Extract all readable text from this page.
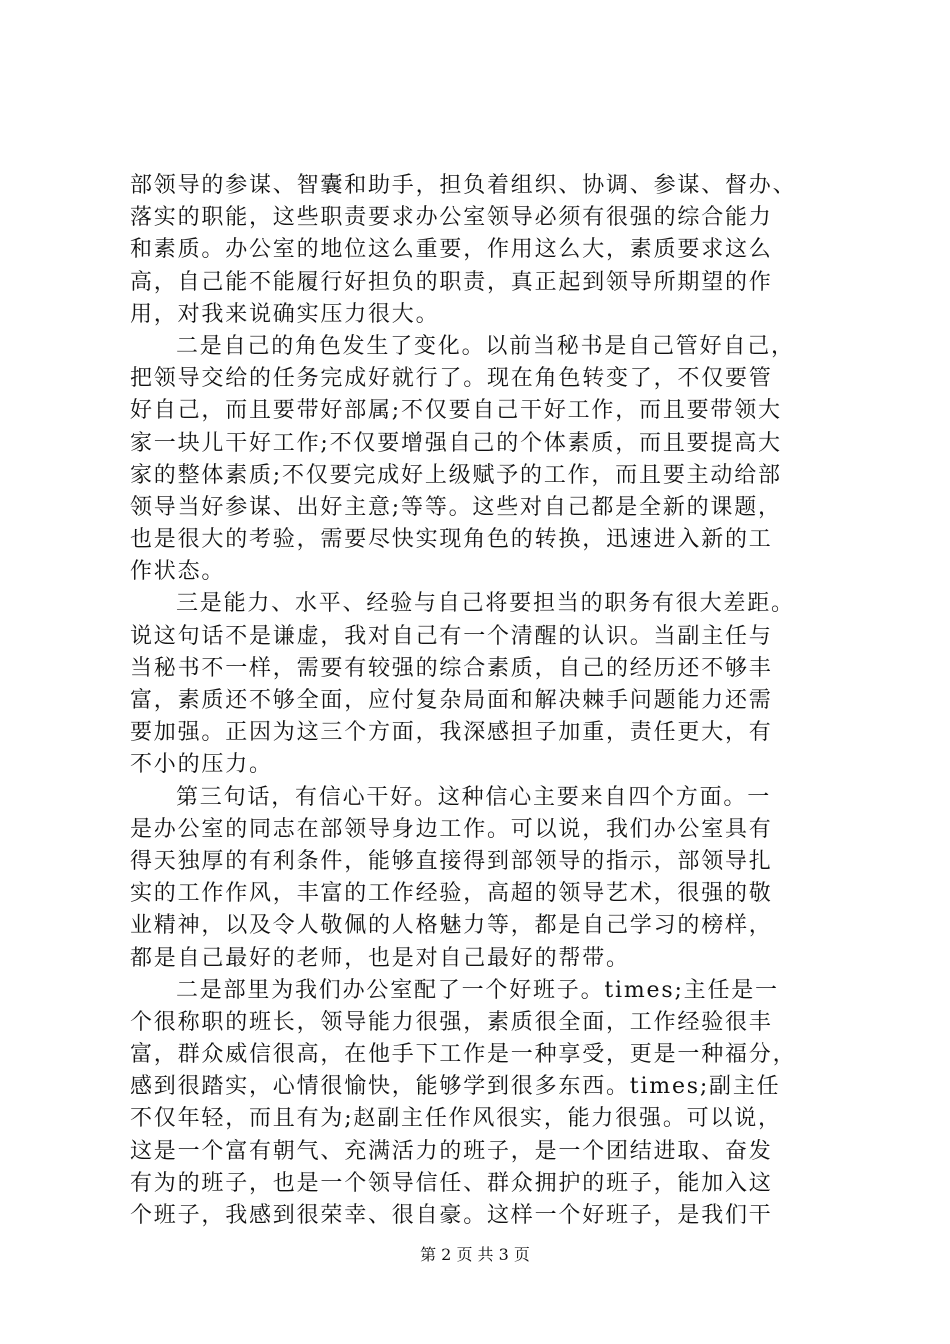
部领导的参谋、智囊和助手，担负着组织、协调、参谋、督办、
落实的职能，这些职责要求办公室领导必须有很强的综合能力
和素质。办公室的地位这么重要，作用这么大，素质要求这么
高，自己能不能履行好担负的职责，真正起到领导所期望的作
用，对我来说确实压力很大。
二是自己的角色发生了变化。以前当秘书是自己管好自己，
把领导交给的任务完成好就行了。现在角色转变了，不仅要管
好自己，而且要带好部属;不仅要自己干好工作，而且要带领大
家一块儿干好工作;不仅要增强自己的个体素质，而且要提高大
家的整体素质;不仅要完成好上级赋予的工作，而且要主动给部
领导当好参谋、出好主意;等等。这些对自己都是全新的课题，
也是很大的考验，需要尽快实现角色的转换，迅速进入新的工
作状态。
三是能力、水平、经验与自己将要担当的职务有很大差距。
说这句话不是谦虚，我对自己有一个清醒的认识。当副主任与
当秘书不一样，需要有较强的综合素质，自己的经历还不够丰
富，素质还不够全面，应付复杂局面和解决棘手问题能力还需
要加强。正因为这三个方面，我深感担子加重，责任更大，有
不小的压力。
第三句话，有信心干好。这种信心主要来自四个方面。一
是办公室的同志在部领导身边工作。可以说，我们办公室具有
得天独厚的有利条件，能够直接得到部领导的指示，部领导扎
实的工作作风，丰富的工作经验，高超的领导艺术，很强的敬
业精神，以及令人敬佩的人格魅力等，都是自己学习的榜样，
都是自己最好的老师，也是对自己最好的帮带。
二是部里为我们办公室配了一个好班子。times;主任是一
个很称职的班长，领导能力很强，素质很全面，工作经验很丰
富，群众威信很高，在他手下工作是一种享受，更是一种福分，
感到很踏实，心情很愉快，能够学到很多东西。times;副主任
不仅年轻，而且有为;赵副主任作风很实，能力很强。可以说，
这是一个富有朝气、充满活力的班子，是一个团结进取、奋发
有为的班子，也是一个领导信任、群众拥护的班子，能加入这
个班子，我感到很荣幸、很自豪。这样一个好班子，是我们干
第 2 页 共 3 页
